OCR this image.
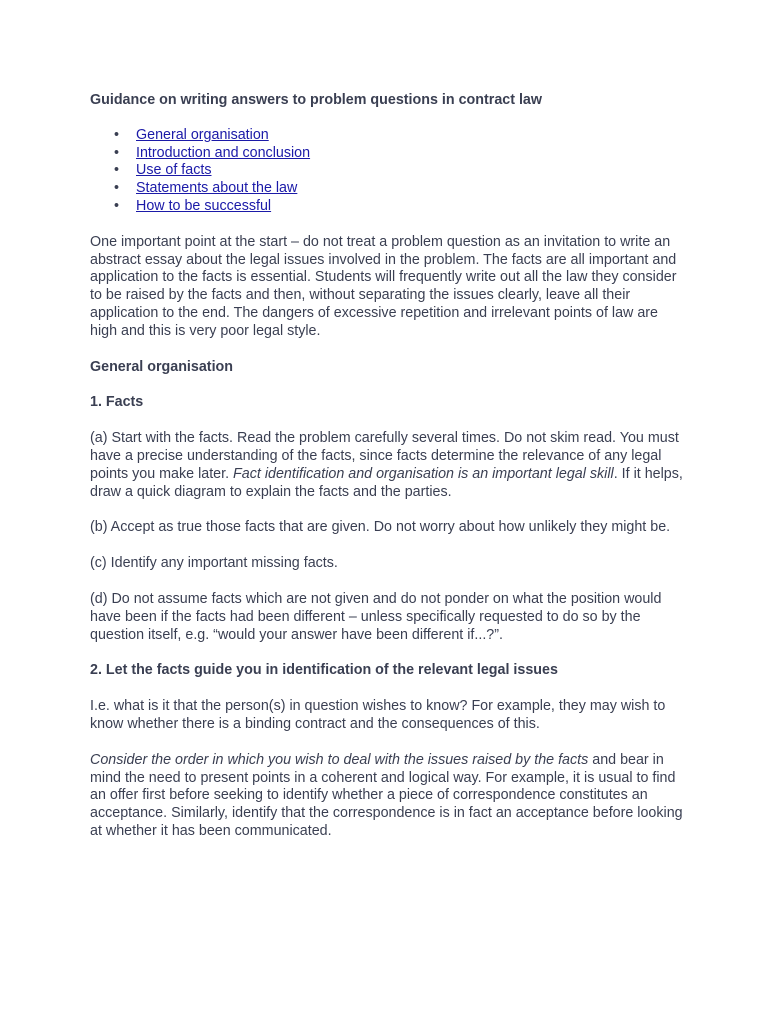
Guidance on writing answers to problem questions in contract law

• General organisation
• Introduction and conclusion
• Use of facts
• Statements about the law
• How to be successful

One important point at the start – do not treat a problem question as an invitation to write an abstract essay about the legal issues involved in the problem. The facts are all important and application to the facts is essential. Students will frequently write out all the law they consider to be raised by the facts and then, without separating the issues clearly, leave all their application to the end. The dangers of excessive repetition and irrelevant points of law are high and this is very poor legal style.

General organisation
1. Facts

(a) Start with the facts. Read the problem carefully several times. Do not skim read. You must have a precise understanding of the facts, since facts determine the relevance of any legal points you make later. Fact identification and organisation is an important legal skill. If it helps, draw a quick diagram to explain the facts and the parties.

(b) Accept as true those facts that are given. Do not worry about how unlikely they might be.

(c) Identify any important missing facts.

(d) Do not assume facts which are not given and do not ponder on what the position would have been if the facts had been different – unless specifically requested to do so by the question itself, e.g. “would your answer have been different if...?”.

2. Let the facts guide you in identification of the relevant legal issues

I.e. what is it that the person(s) in question wishes to know? For example, they may wish to know whether there is a binding contract and the consequences of this.

Consider the order in which you wish to deal with the issues raised by the facts and bear in mind the need to present points in a coherent and logical way. For example, it is usual to find an offer first before seeking to identify whether a piece of correspondence constitutes an acceptance. Similarly, identify that the correspondence is in fact an acceptance before looking at whether it has been communicated.
